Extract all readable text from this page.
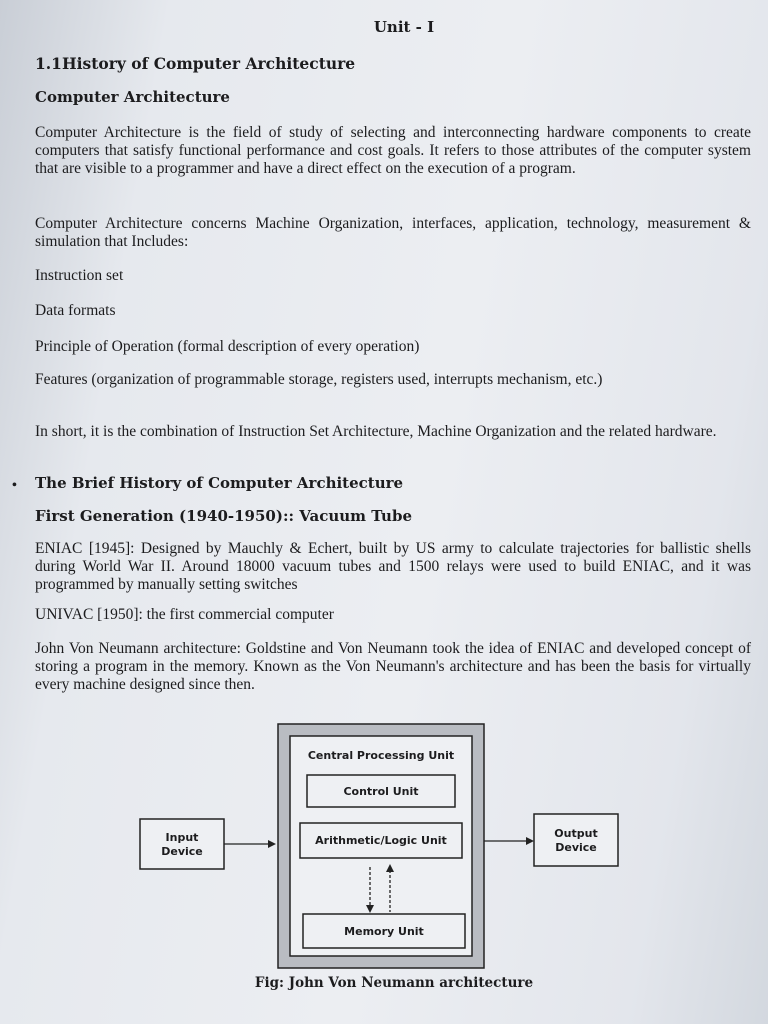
Unit - I
1.1History of Computer Architecture
Computer Architecture
Computer Architecture is the field of study of selecting and interconnecting hardware components to create computers that satisfy functional performance and cost goals. It refers to those attributes of the computer system that are visible to a programmer and have a direct effect on the execution of a program.
Computer Architecture concerns Machine Organization, interfaces, application, technology, measurement & simulation that Includes:
Instruction set
Data formats
Principle of Operation (formal description of every operation)
Features (organization of programmable storage, registers used, interrupts mechanism, etc.)
In short, it is the combination of Instruction Set Architecture, Machine Organization and the related hardware.
• The Brief History of Computer Architecture
First Generation (1940-1950):: Vacuum Tube
ENIAC [1945]: Designed by Mauchly & Echert, built by US army to calculate trajectories for ballistic shells during World War II. Around 18000 vacuum tubes and 1500 relays were used to build ENIAC, and it was programmed by manually setting switches
UNIVAC [1950]: the first commercial computer
John Von Neumann architecture: Goldstine and Von Neumann took the idea of ENIAC and developed concept of storing a program in the memory. Known as the Von Neumann's architecture and has been the basis for virtually every machine designed since then.
Central Processing Unit
Control Unit
Arithmetic/Logic Unit
Memory Unit
Input
Device
Output
Device
Fig: John Von Neumann architecture
